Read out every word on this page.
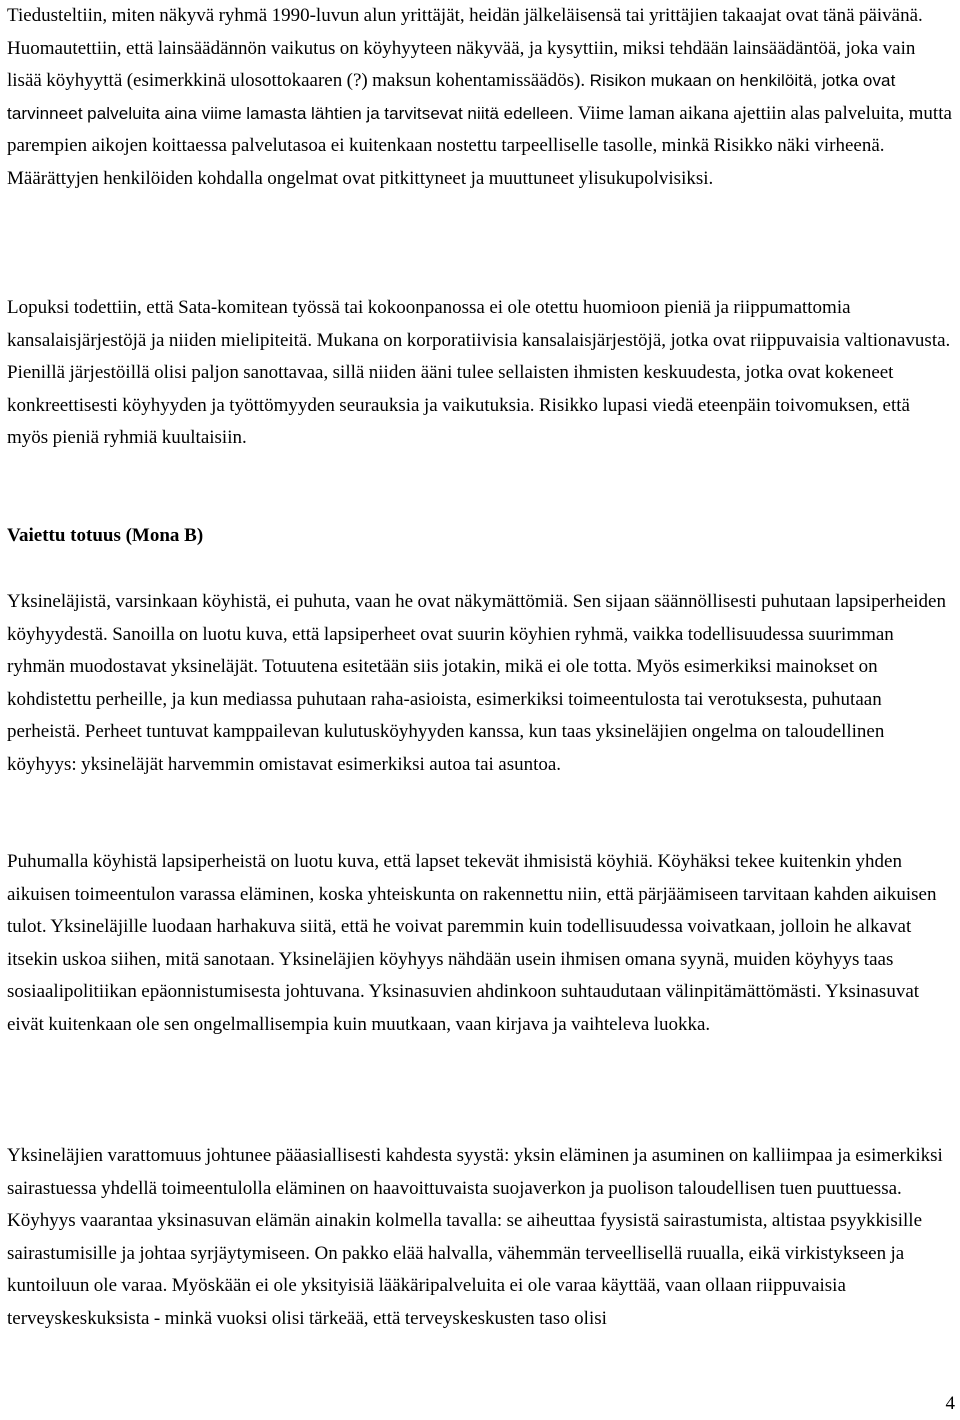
Tiedusteltiin, miten näkyvä ryhmä 1990-luvun alun yrittäjät, heidän jälkeläisensä tai yrittäjien takaajat ovat tänä päivänä. Huomautettiin, että lainsäädännön vaikutus on köyhyyteen näkyvää, ja kysyttiin, miksi tehdään lainsäädäntöä, joka vain lisää köyhyyttä (esimerkkinä ulosottokaaren (?) maksun kohentamissäädös). Risikon mukaan on henkilöitä, jotka ovat tarvinneet palveluita aina viime lamasta lähtien ja tarvitsevat niitä edelleen. Viime laman aikana ajettiin alas palveluita, mutta parempien aikojen koittaessa palvelutasoa ei kuitenkaan nostettu tarpeelliselle tasolle, minkä Risikko näki virheenä. Määrättyjen henkilöiden kohdalla ongelmat ovat pitkittyneet ja muuttuneet ylisukupolvisiksi.

Lopuksi todettiin, että Sata-komitean työssä tai kokoonpanossa ei ole otettu huomioon pieniä ja riippumattomia kansalaisjärjestöjä ja niiden mielipiteitä. Mukana on korporatiivisia kansalaisjärjestöjä, jotka ovat riippuvaisia valtionavusta. Pienillä järjestöillä olisi paljon sanottavaa, sillä niiden ääni tulee sellaisten ihmisten keskuudesta, jotka ovat kokeneet konkreettisesti köyhyyden ja työttömyyden seurauksia ja vaikutuksia. Risikko lupasi viedä eteenpäin toivomuksen, että myös pieniä ryhmiä kuultaisiin.

Vaiettu totuus (Mona B)

Yksineläjistä, varsinkaan köyhistä, ei puhuta, vaan he ovat näkymättömiä. Sen sijaan säännöllisesti puhutaan lapsiperheiden köyhyydestä. Sanoilla on luotu kuva, että lapsiperheet ovat suurin köyhien ryhmä, vaikka todellisuudessa suurimman ryhmän muodostavat yksineläjät. Totuutena esitetään siis jotakin, mikä ei ole totta. Myös esimerkiksi mainokset on kohdistettu perheille, ja kun mediassa puhutaan raha-asioista, esimerkiksi toimeentulosta tai verotuksesta, puhutaan perheistä. Perheet tuntuvat kamppailevan kulutusköyhyyden kanssa, kun taas yksineläjien ongelma on taloudellinen köyhyys: yksineläjät harvemmin omistavat esimerkiksi autoa tai asuntoa.

Puhumalla köyhistä lapsiperheistä on luotu kuva, että lapset tekevät ihmisistä köyhiä. Köyhäksi tekee kuitenkin yhden aikuisen toimeentulon varassa eläminen, koska yhteiskunta on rakennettu niin, että pärjäämiseen tarvitaan kahden aikuisen tulot. Yksineläjille luodaan harhakuva siitä, että he voivat paremmin kuin todellisuudessa voivatkaan, jolloin he alkavat itsekin uskoa siihen, mitä sanotaan. Yksineläjien köyhyys nähdään usein ihmisen omana syynä, muiden köyhyys taas sosiaalipolitiikan epäonnistumisesta johtuvana. Yksinasuvien ahdinkoon suhtaudutaan välinpitämättömästi. Yksinasuvat eivät kuitenkaan ole sen ongelmallisempia kuin muutkaan, vaan kirjava ja vaihteleva luokka.

Yksineläjien varattomuus johtunee pääasiallisesti kahdesta syystä: yksin eläminen ja asuminen on kalliimpaa ja esimerkiksi sairastuessa yhdellä toimeentulolla eläminen on haavoittuvaista suojaverkon ja puolison taloudellisen tuen puuttuessa. Köyhyys vaarantaa yksinasuvan elämän ainakin kolmella tavalla: se aiheuttaa fyysistä sairastumista, altistaa psyykkisille sairastumisille ja johtaa syrjäytymiseen. On pakko elää halvalla, vähemmän terveellisellä ruualla, eikä virkistykseen ja kuntoiluun ole varaa. Myöskään ei ole yksityisiä lääkäripalveluita ei ole varaa käyttää, vaan ollaan riippuvaisia terveyskeskuksista - minkä vuoksi olisi tärkeää, että terveyskeskusten taso olisi

4
